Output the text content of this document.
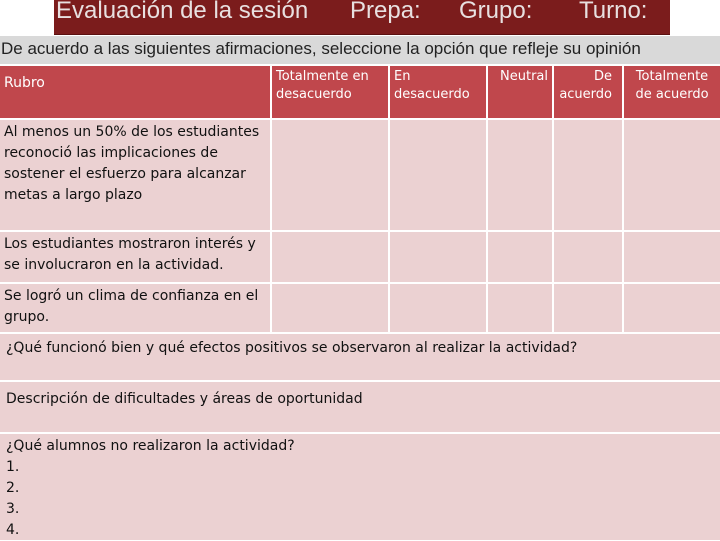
Evaluación de la sesión Prepa: Grupo: Turno:
De acuerdo a las siguientes afirmaciones, seleccione la opción que refleje su opinión
Rubro	Totalmente en desacuerdo
En desacuerdo
Neutral	De acuerdo
Totalmente de acuerdo
Al menos un 50% de los estudiantes reconoció las implicaciones de sostener el esfuerzo para alcanzar metas a largo plazo
Los estudiantes mostraron interés y se involucraron en la actividad.
Se logró un clima de confianza en el grupo.
¿Qué funcionó bien y qué efectos positivos se observaron al realizar la actividad?
Descripción de dificultades y áreas de oportunidad
¿Qué alumnos no realizaron la actividad?
1.
2.
3.
4.
